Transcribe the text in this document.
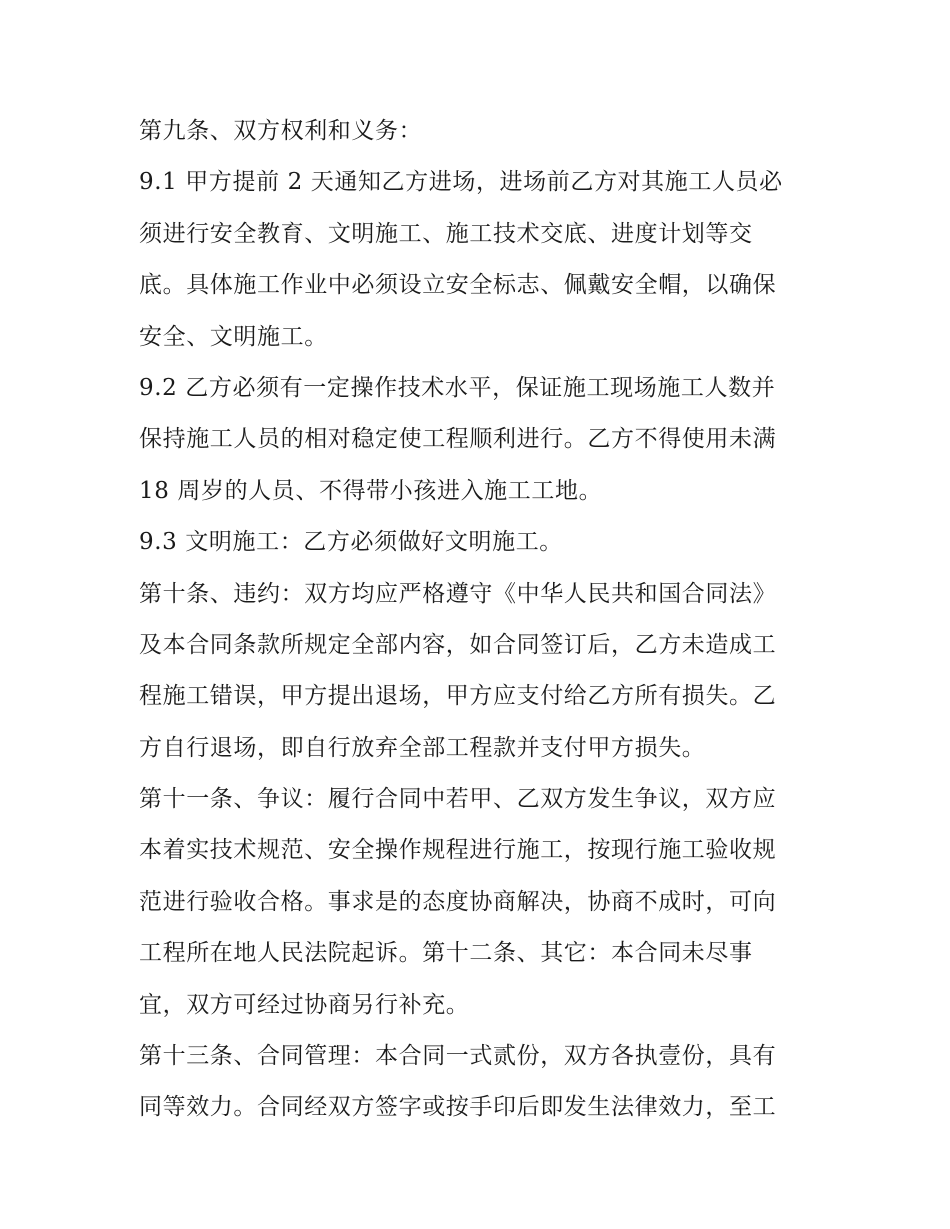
第九条、双方权利和义务：
9.1 甲方提前 2 天通知乙方进场，进场前乙方对其施工人员必
须进行安全教育、文明施工、施工技术交底、进度计划等交
底。具体施工作业中必须设立安全标志、佩戴安全帽，以确保
安全、文明施工。
9.2 乙方必须有一定操作技术水平，保证施工现场施工人数并
保持施工人员的相对稳定使工程顺利进行。乙方不得使用未满
18 周岁的人员、不得带小孩进入施工工地。
9.3 文明施工：乙方必须做好文明施工。
第十条、违约：双方均应严格遵守《中华人民共和国合同法》
及本合同条款所规定全部内容，如合同签订后，乙方未造成工
程施工错误，甲方提出退场，甲方应支付给乙方所有损失。乙
方自行退场，即自行放弃全部工程款并支付甲方损失。
第十一条、争议：履行合同中若甲、乙双方发生争议，双方应
本着实技术规范、安全操作规程进行施工，按现行施工验收规
范进行验收合格。事求是的态度协商解决，协商不成时，可向
工程所在地人民法院起诉。第十二条、其它：本合同未尽事
宜，双方可经过协商另行补充。
第十三条、合同管理：本合同一式贰份，双方各执壹份，具有
同等效力。合同经双方签字或按手印后即发生法律效力，至工
